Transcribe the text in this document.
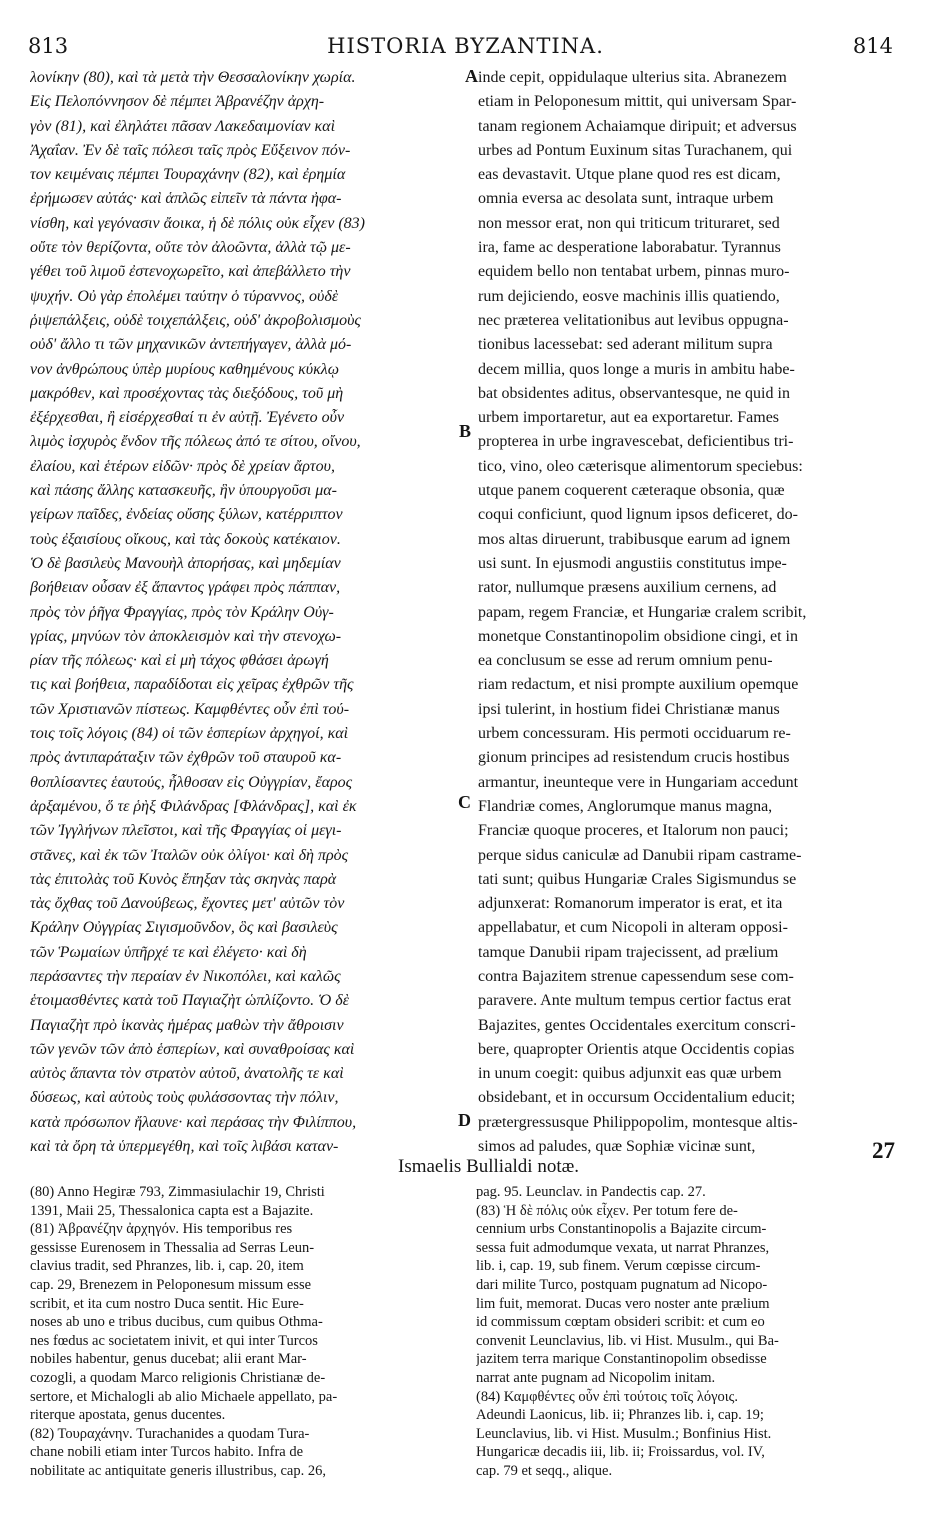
813	HISTORIA BYZANTINA.	814
λονίκην (80), καὶ τὰ μετὰ τὴν Θεσσαλονίκην χωρία.
Εἰς Πελοπόννησον δὲ πέμπει Ἀβρανέζην ἀρχη-
γὸν (81), καὶ ἐληλάτει πᾶσαν Λακεδαιμονίαν καὶ
Ἀχαΐαν. Ἐν δὲ ταῖς πόλεσι ταῖς πρὸς Εὔξεινον πόν-
τον κειμέναις πέμπει Τουραχάνην (82), καὶ ἐρημία
ἐρήμωσεν αὐτάς· καὶ ἁπλῶς εἰπεῖν τὰ πάντα ἠφα-
νίσθη, καὶ γεγόνασιν ἄοικα, ἡ δὲ πόλις οὐκ εἶχεν (83)
οὔτε τὸν θερίζοντα, οὔτε τὸν ἀλοῶντα, ἀλλὰ τῷ με-
γέθει τοῦ λιμοῦ ἐστενοχωρεῖτο, καὶ ἀπεβάλλετο τὴν
ψυχήν. Οὐ γὰρ ἐπολέμει ταύτην ὁ τύραννος, οὐδὲ
ῥιψεπάλξεις, οὐδὲ τοιχεπάλξεις, οὐδ' ἀκροβολισμοὺς
οὐδ' ἄλλο τι τῶν μηχανικῶν ἀντεπήγαγεν, ἀλλὰ μό-
νον ἀνθρώπους ὑπὲρ μυρίους καθημένους κύκλῳ
μακρόθεν, καὶ προσέχοντας τὰς διεξόδους, τοῦ μὴ
ἐξέρχεσθαι, ἢ εἰσέρχεσθαί τι ἐν αὐτῇ. Ἐγένετο οὖν
λιμὸς ἰσχυρὸς ἔνδον τῆς πόλεως ἀπό τε σίτου, οἴνου,
ἐλαίου, καὶ ἑτέρων εἰδῶν· πρὸς δὲ χρείαν ἄρτου,
καὶ πάσης ἄλλης κατασκευῆς, ἣν ὑπουργοῦσι μα-
γείρων παῖδες, ἐνδείας οὔσης ξύλων, κατέρριπτον
τοὺς ἐξαισίους οἴκους, καὶ τὰς δοκοὺς κατέκαιον.
Ὁ δὲ βασιλεὺς Μανουὴλ ἀπορήσας, καὶ μηδεμίαν
βοήθειαν οὖσαν ἐξ ἅπαντος γράφει πρὸς πάππαν,
πρὸς τὸν ῥῆγα Φραγγίας, πρὸς τὸν Κράλην Οὐγ-
γρίας, μηνύων τὸν ἀποκλεισμὸν καὶ τὴν στενοχω-
ρίαν τῆς πόλεως· καὶ εἰ μὴ τάχος φθάσει ἀρωγή
τις καὶ βοήθεια, παραδίδοται εἰς χεῖρας ἐχθρῶν τῆς
τῶν Χριστιανῶν πίστεως. Καμφθέντες οὖν ἐπὶ τού-
τοις τοῖς λόγοις (84) οἱ τῶν ἑσπερίων ἀρχηγοί, καὶ
πρὸς ἀντιπαράταξιν τῶν ἐχθρῶν τοῦ σταυροῦ κα-
θοπλίσαντες ἑαυτούς, ἦλθοσαν εἰς Οὐγγρίαν, ἔαρος
ἀρξαμένου, ὅ τε ῥὴξ Φιλάνδρας [Φλάνδρας], καὶ ἐκ
τῶν Ἰγγλήνων πλεῖστοι, καὶ τῆς Φραγγίας οἱ μεγι-
στᾶνες, καὶ ἐκ τῶν Ἰταλῶν οὐκ ὀλίγοι· καὶ δὴ πρὸς
τὰς ἐπιτολὰς τοῦ Κυνὸς ἔπηξαν τὰς σκηνὰς παρὰ
τὰς ὄχθας τοῦ Δανούβεως, ἔχοντες μετ' αὐτῶν τὸν
Κράλην Οὐγγρίας Σιγισμοῦνδον, ὃς καὶ βασιλεὺς
τῶν Ῥωμαίων ὑπῆρχέ τε καὶ ἐλέγετο· καὶ δὴ
περάσαντες τὴν περαίαν ἐν Νικοπόλει, καὶ καλῶς
ἑτοιμασθέντες κατὰ τοῦ Παγιαζὴτ ὡπλίζοντο. Ὁ δὲ
Παγιαζὴτ πρὸ ἱκανὰς ἡμέρας μαθὼν τὴν ἄθροισιν
τῶν γενῶν τῶν ἀπὸ ἑσπερίων, καὶ συναθροίσας καὶ
αὐτὸς ἅπαντα τὸν στρατὸν αὐτοῦ, ἀνατολῆς τε καὶ
δύσεως, καὶ αὐτοὺς τοὺς φυλάσσοντας τὴν πόλιν,
κατὰ πρόσωπον ἤλαυνε· καὶ περάσας τὴν Φιλίππου,
καὶ τὰ ὄρη τὰ ὑπερμεγέθη, καὶ τοῖς λιβάσι καταν-
inde cepit, oppidulaque ulterius sita. Abranezem
etiam in Peloponesum mittit, qui universam Spar-
tanam regionem Achaiamque diripuit; et adversus
urbes ad Pontum Euxinum sitas Turachanem, qui
eas devastavit. Utque plane quod res est dicam,
omnia eversa ac desolata sunt, intraque urbem
non messor erat, non qui triticum trituraret, sed
ira, fame ac desperatione laborabatur. Tyrannus
equidem bello non tentabat urbem, pinnas muro-
rum dejiciendo, eosve machinis illis quatiendo,
nec præterea velitationibus aut levibus oppugna-
tionibus lacessebat: sed aderant militum supra
decem millia, quos longe a muris in ambitu habe-
bat obsidentes aditus, observantesque, ne quid in
urbem importaretur, aut ea exportaretur. Fames
propterea in urbe ingravescebat, deficientibus tri-
tico, vino, oleo cæterisque alimentorum speciebus:
utque panem coquerent cæteraque obsonia, quæ
coqui conficiunt, quod lignum ipsos deficeret, do-
mos altas diruerunt, trabibusque earum ad ignem
usi sunt. In ejusmodi angustiis constitutus impe-
rator, nullumque præsens auxilium cernens, ad
papam, regem Franciæ, et Hungariæ cralem scribit,
monetque Constantinopolim obsidione cingi, et in
ea conclusum se esse ad rerum omnium penu-
riam redactum, et nisi prompte auxilium opemque
ipsi tulerint, in hostium fidei Christianæ manus
urbem concessuram. His permoti occiduarum re-
gionum principes ad resistendum crucis hostibus
armantur, ineunteque vere in Hungariam accedunt
Flandriæ comes, Anglorumque manus magna,
Franciæ quoque proceres, et Italorum non pauci;
perque sidus caniculæ ad Danubii ripam castrame-
tati sunt; quibus Hungariæ Crales Sigismundus se
adjunxerat: Romanorum imperator is erat, et ita
appellabatur, et cum Nicopoli in alteram opposi-
tamque Danubii ripam trajecissent, ad prælium
contra Bajazitem strenue capessendum sese com-
paravere. Ante multum tempus certior factus erat
Bajazites, gentes Occidentales exercitum conscri-
bere, quapropter Orientis atque Occidentis copias
in unum coegit: quibus adjunxit eas quæ urbem
obsidebant, et in occursum Occidentalium educit;
prætergressusque Philippopolim, montesque altis-
simos ad paludes, quæ Sophiæ vicinæ sunt,
A
B
C
D
27
Ismaelis Bullialdi notæ.
(80) Anno Hegiræ 793, Zimmasiulachir 19, Christi
1391, Maii 25, Thessalonica capta est a Bajazite.
(81) Ἀβρανέζην ἀρχηγόν. His temporibus res
gessisse Eurenosem in Thessalia ad Serras Leun-
clavius tradit, sed Phranzes, lib. i, cap. 20, item
cap. 29, Brenezem in Peloponesum missum esse
scribit, et ita cum nostro Duca sentit. Hic Eure-
noses ab uno e tribus ducibus, cum quibus Othma-
nes fœdus ac societatem inivit, et qui inter Turcos
nobiles habentur, genus ducebat; alii erant Mar-
cozogli, a quodam Marco religionis Christianæ de-
sertore, et Michalogli ab alio Michaele appellato, pa-
riterque apostata, genus ducentes.
(82) Τουραχάνην. Turachanides a quodam Tura-
chane nobili etiam inter Turcos habito. Infra de
nobilitate ac antiquitate generis illustribus, cap. 26,
pag. 95. Leunclav. in Pandectis cap. 27.
(83) Ἡ δὲ πόλις οὐκ εἶχεν. Per totum fere de-
cennium urbs Constantinopolis a Bajazite circum-
sessa fuit admodumque vexata, ut narrat Phranzes,
lib. i, cap. 19, sub finem. Verum cœpisse circum-
dari milite Turco, postquam pugnatum ad Nicopo-
lim fuit, memorat. Ducas vero noster ante prælium
id commissum cœptam obsideri scribit: et cum eo
convenit Leunclavius, lib. vi Hist. Musulm., qui Ba-
jazitem terra marique Constantinopolim obsedisse
narrat ante pugnam ad Nicopolim initam.
(84) Καμφθέντες οὖν ἐπὶ τούτοις τοῖς λόγοις.
Adeundi Laonicus, lib. ii; Phranzes lib. i, cap. 19;
Leunclavius, lib. vi Hist. Musulm.; Bonfinius Hist.
Hungaricæ decadis iii, lib. ii; Froissardus, vol. IV,
cap. 79 et seqq., alique.
